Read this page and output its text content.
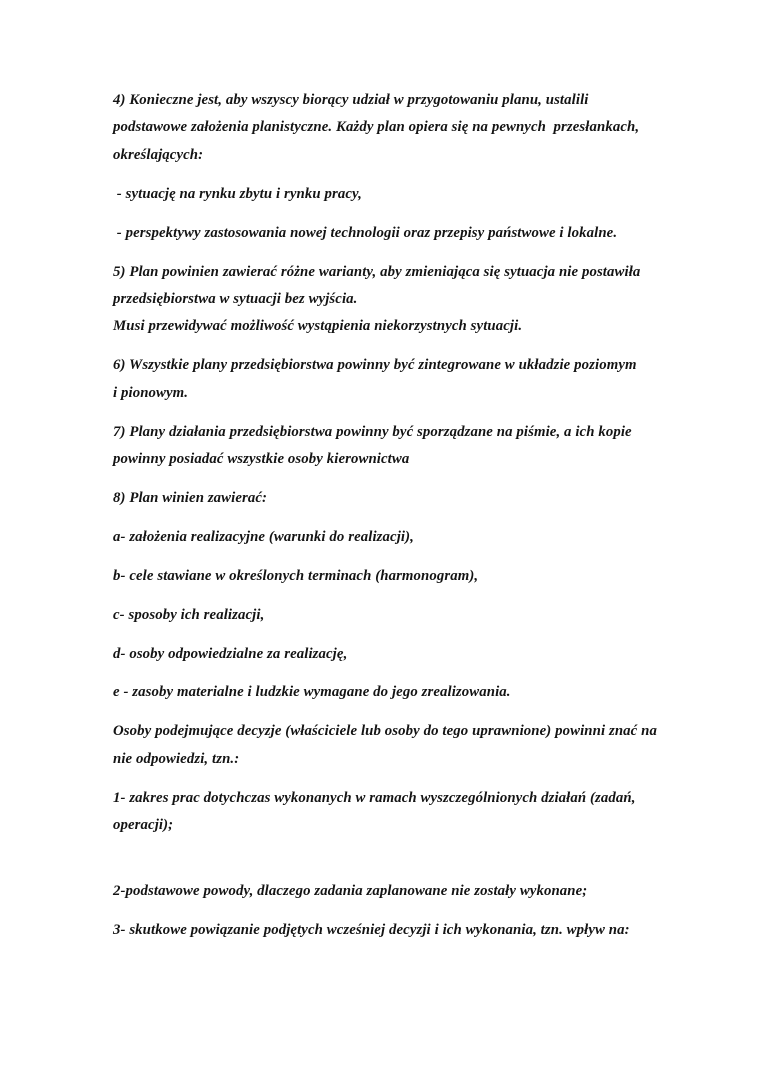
4) Konieczne jest, aby wszyscy biorący udział w przygotowaniu planu, ustalili
podstawowe założenia planistyczne. Każdy plan opiera się na pewnych  przesłankach,
określających:
- sytuację na rynku zbytu i rynku pracy,
- perspektywy zastosowania nowej technologii oraz przepisy państwowe i lokalne.
5) Plan powinien zawierać różne warianty, aby zmieniająca się sytuacja nie postawiła
przedsiębiorstwa w sytuacji bez wyjścia.
Musi przewidywać możliwość wystąpienia niekorzystnych sytuacji.
6) Wszystkie plany przedsiębiorstwa powinny być zintegrowane w układzie poziomym
i pionowym.
7) Plany działania przedsiębiorstwa powinny być sporządzane na piśmie, a ich kopie
powinny posiadać wszystkie osoby kierownictwa
8) Plan winien zawierać:
a- założenia realizacyjne (warunki do realizacji),
b- cele stawiane w określonych terminach (harmonogram),
c- sposoby ich realizacji,
d- osoby odpowiedzialne za realizację,
e - zasoby materialne i ludzkie wymagane do jego zrealizowania.
Osoby podejmujące decyzje (właściciele lub osoby do tego uprawnione) powinni znać na
nie odpowiedzi, tzn.:
1- zakres prac dotychczas wykonanych w ramach wyszczególnionych działań (zadań,
operacji);
2-podstawowe powody, dlaczego zadania zaplanowane nie zostały wykonane;
3- skutkowe powiązanie podjętych wcześniej decyzji i ich wykonania, tzn. wpływ na:
